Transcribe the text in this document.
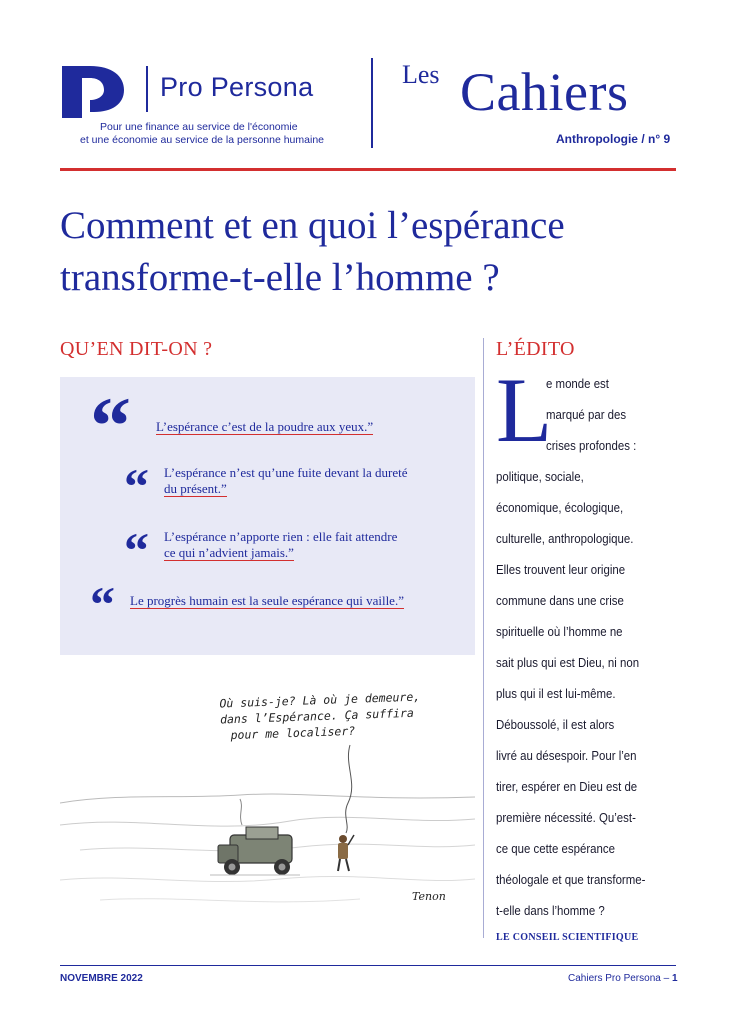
Pro Persona
Pour une finance au service de l'économie
et une économie au service de la personne humaine
Les Cahiers
Anthropologie / n° 9
Comment et en quoi l’espérance
transforme-t-elle l’homme ?
QU’EN DIT-ON ?
“	L’espérance c’est de la poudre aux yeux.”
“	L’espérance n’est qu’une fuite devant la dureté
du présent.”
“	L’espérance n’apporte rien : elle fait attendre
ce qui n’advient jamais.”
“	Le progrès humain est la seule espérance qui vaille.”
Où suis-je? Là où je demeure,
dans l’Espérance. Ça suffira
pour me localiser?
Tenon
L’ÉDITO
L
e monde est
marqué par des
crises profondes :
politique, sociale,
économique, écologique,
culturelle, anthropologique.
Elles trouvent leur origine
commune dans une crise
spirituelle où l’homme ne
sait plus qui est Dieu, ni non
plus qui il est lui-même.
Déboussolé, il est alors
livré au désespoir. Pour l’en
tirer, espérer en Dieu est de
première nécessité. Qu’est-
ce que cette espérance
théologale et que transforme-
t-elle dans l’homme ?
LE CONSEIL SCIENTIFIQUE
NOVEMBRE 2022	Cahiers Pro Persona – 1
